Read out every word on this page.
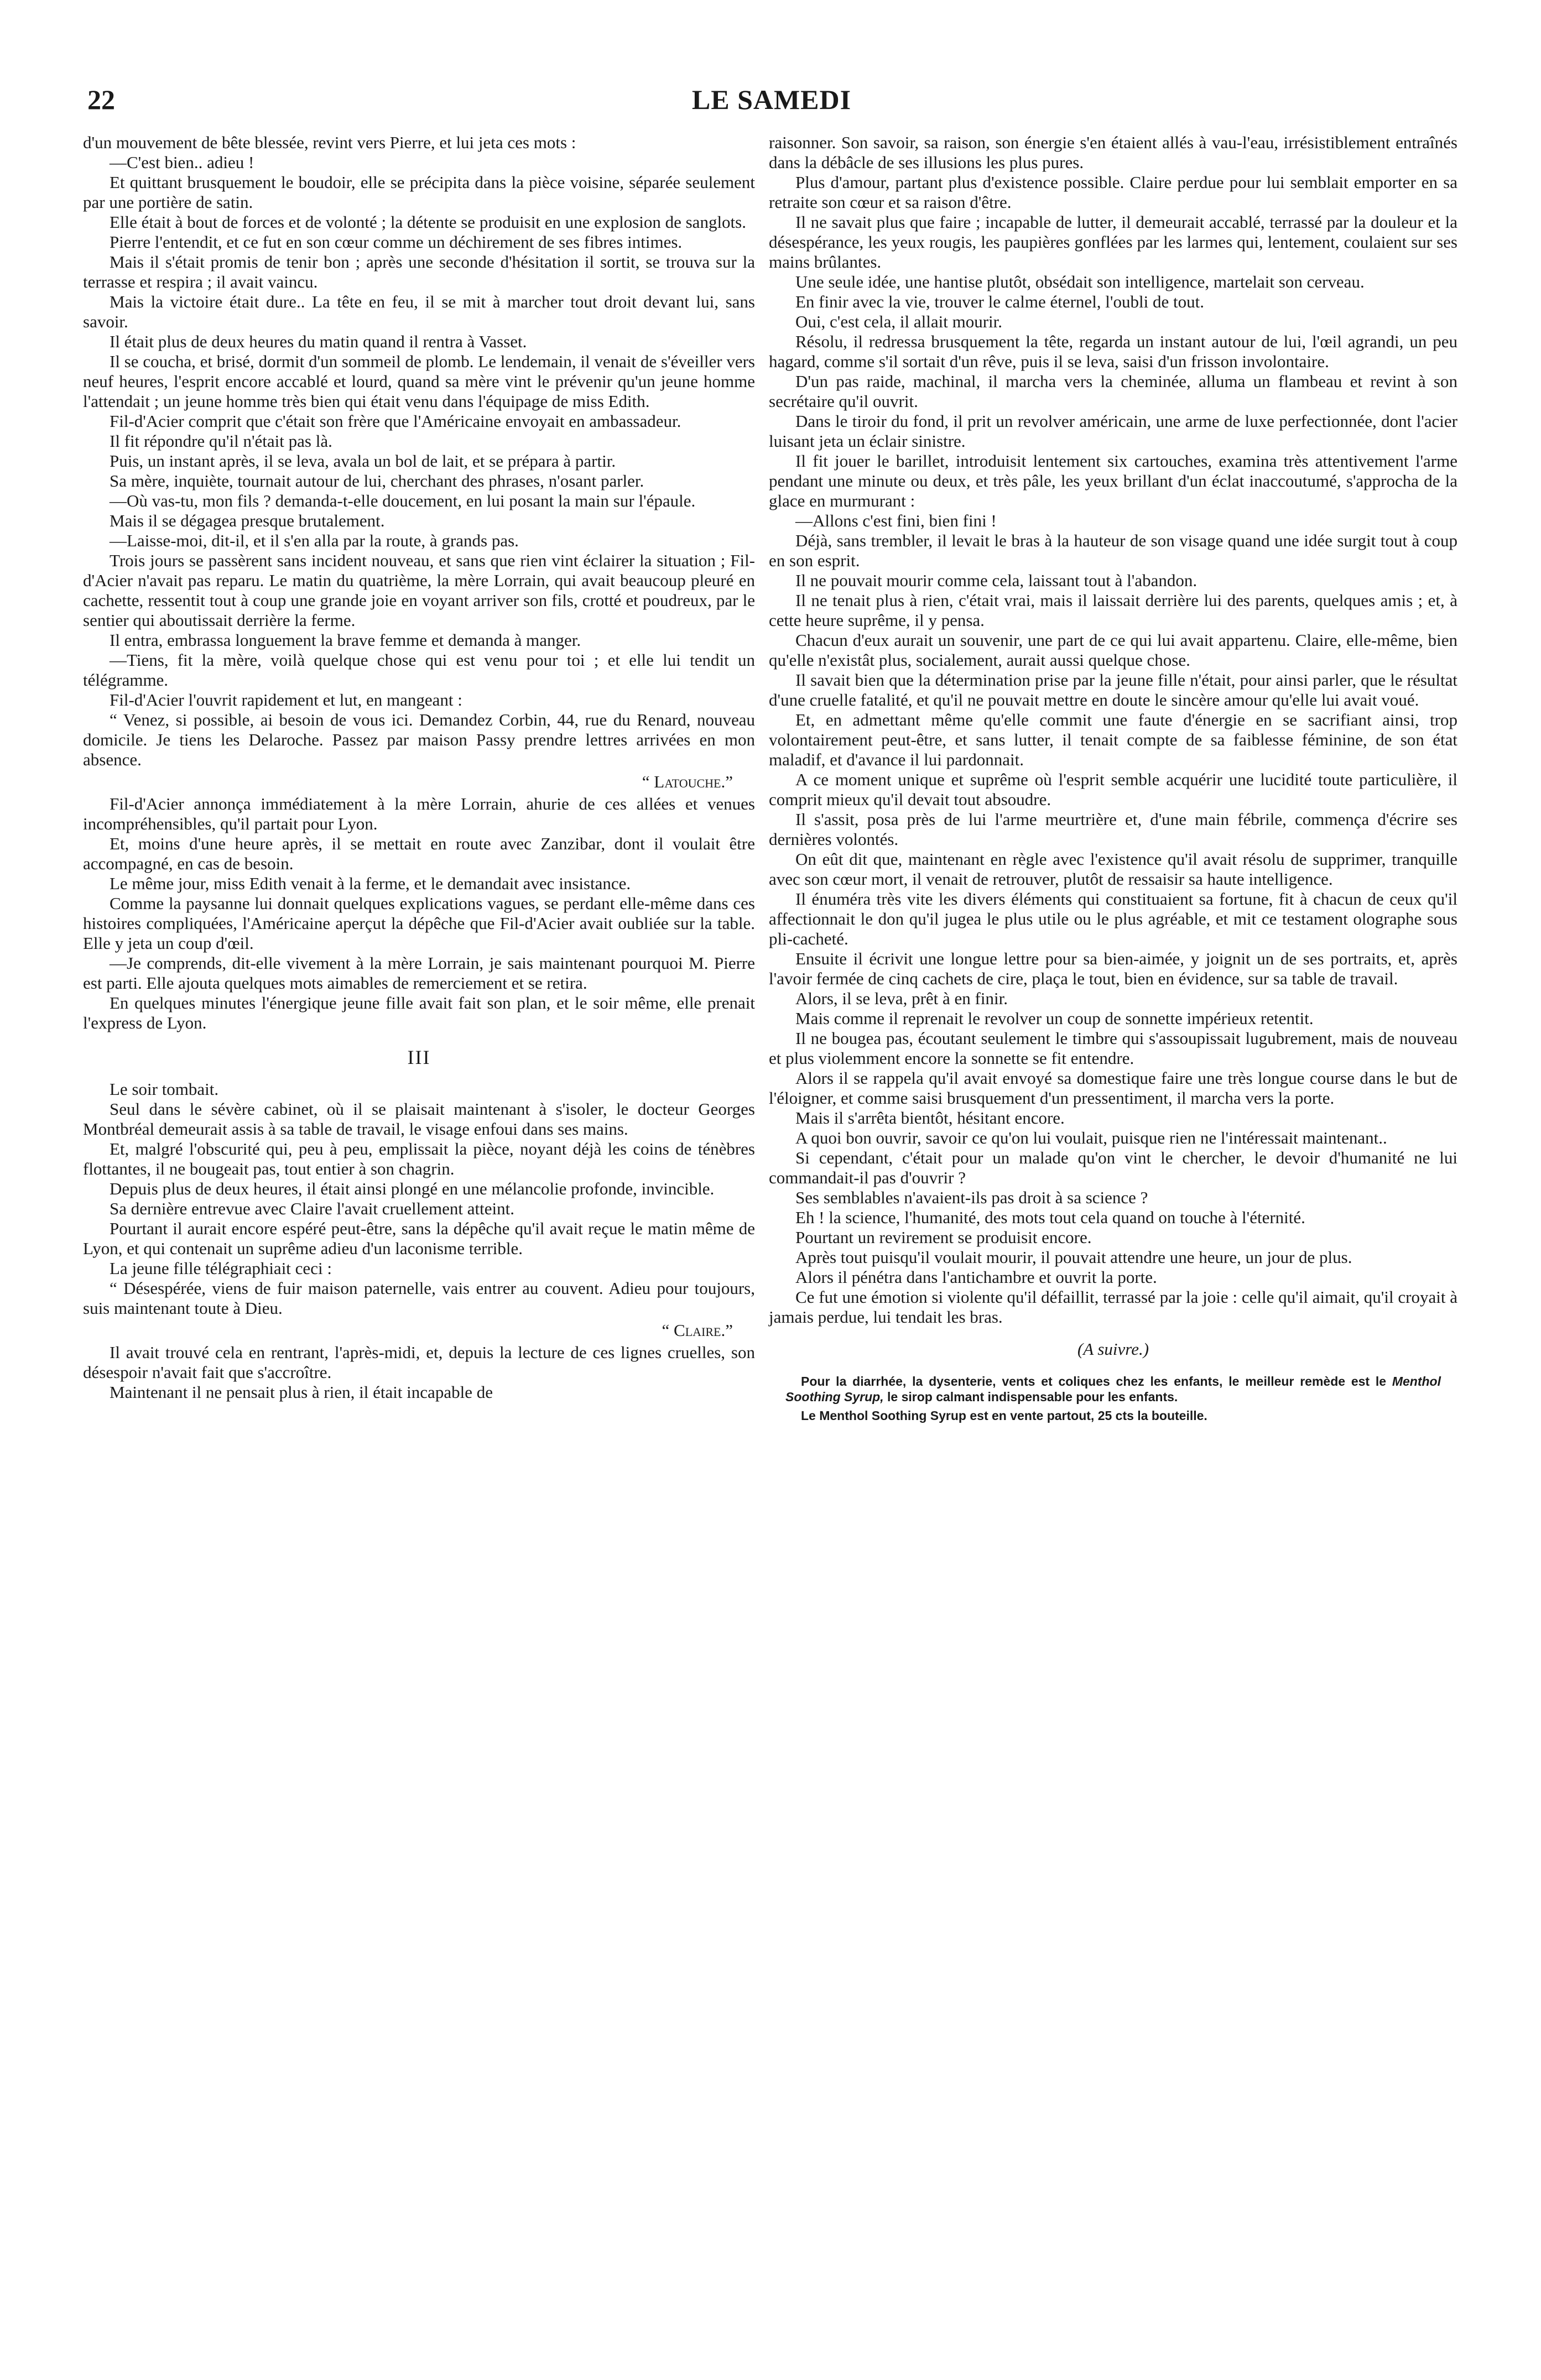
22	LE SAMEDI

d'un mouvement de bête blessée, revint vers Pierre, et lui jeta ces mots :

—C'est bien.. adieu !

Et quittant brusquement le boudoir, elle se précipita dans la pièce voisine, séparée seulement par une portière de satin.

Elle était à bout de forces et de volonté ; la détente se produisit en une explosion de sanglots.

Pierre l'entendit, et ce fut en son cœur comme un déchirement de ses fibres intimes.

Mais il s'était promis de tenir bon ; après une seconde d'hésitation il sortit, se trouva sur la terrasse et respira ; il avait vaincu.

Mais la victoire était dure.. La tête en feu, il se mit à marcher tout droit devant lui, sans savoir.

Il était plus de deux heures du matin quand il rentra à Vasset.

Il se coucha, et brisé, dormit d'un sommeil de plomb. Le lendemain, il venait de s'éveiller vers neuf heures, l'esprit encore accablé et lourd, quand sa mère vint le prévenir qu'un jeune homme l'attendait ; un jeune homme très bien qui était venu dans l'équipage de miss Edith.

Fil-d'Acier comprit que c'était son frère que l'Américaine envoyait en ambassadeur.

Il fit répondre qu'il n'était pas là.

Puis, un instant après, il se leva, avala un bol de lait, et se prépara à partir.

Sa mère, inquiète, tournait autour de lui, cherchant des phrases, n'osant parler.

—Où vas-tu, mon fils ? demanda-t-elle doucement, en lui posant la main sur l'épaule.

Mais il se dégagea presque brutalement.

—Laisse-moi, dit-il, et il s'en alla par la route, à grands pas.

Trois jours se passèrent sans incident nouveau, et sans que rien vint éclairer la situation ; Fil-d'Acier n'avait pas reparu. Le matin du quatrième, la mère Lorrain, qui avait beaucoup pleuré en cachette, ressentit tout à coup une grande joie en voyant arriver son fils, crotté et poudreux, par le sentier qui aboutissait derrière la ferme.

Il entra, embrassa longuement la brave femme et demanda à manger.

—Tiens, fit la mère, voilà quelque chose qui est venu pour toi ; et elle lui tendit un télégramme.

Fil-d'Acier l'ouvrit rapidement et lut, en mangeant :

“ Venez, si possible, ai besoin de vous ici. Demandez Corbin, 44, rue du Renard, nouveau domicile. Je tiens les Delaroche. Passez par maison Passy prendre lettres arrivées en mon absence.

“ Latouche.”

Fil-d'Acier annonça immédiatement à la mère Lorrain, ahurie de ces allées et venues incompréhensibles, qu'il partait pour Lyon.

Et, moins d'une heure après, il se mettait en route avec Zanzibar, dont il voulait être accompagné, en cas de besoin.

Le même jour, miss Edith venait à la ferme, et le demandait avec insistance.

Comme la paysanne lui donnait quelques explications vagues, se perdant elle-même dans ces histoires compliquées, l'Américaine aperçut la dépêche que Fil-d'Acier avait oubliée sur la table. Elle y jeta un coup d'œil.

—Je comprends, dit-elle vivement à la mère Lorrain, je sais maintenant pourquoi M. Pierre est parti. Elle ajouta quelques mots aimables de remerciement et se retira.

En quelques minutes l'énergique jeune fille avait fait son plan, et le soir même, elle prenait l'express de Lyon.

III

Le soir tombait.

Seul dans le sévère cabinet, où il se plaisait maintenant à s'isoler, le docteur Georges Montbréal demeurait assis à sa table de travail, le visage enfoui dans ses mains.

Et, malgré l'obscurité qui, peu à peu, emplissait la pièce, noyant déjà les coins de ténèbres flottantes, il ne bougeait pas, tout entier à son chagrin.

Depuis plus de deux heures, il était ainsi plongé en une mélancolie profonde, invincible.

Sa dernière entrevue avec Claire l'avait cruellement atteint.

Pourtant il aurait encore espéré peut-être, sans la dépêche qu'il avait reçue le matin même de Lyon, et qui contenait un suprême adieu d'un laconisme terrible.

La jeune fille télégraphiait ceci :

“ Désespérée, viens de fuir maison paternelle, vais entrer au couvent. Adieu pour toujours, suis maintenant toute à Dieu.

“ Claire.”

Il avait trouvé cela en rentrant, l'après-midi, et, depuis la lecture de ces lignes cruelles, son désespoir n'avait fait que s'accroître.

Maintenant il ne pensait plus à rien, il était incapable de

raisonner. Son savoir, sa raison, son énergie s'en étaient allés à vau-l'eau, irrésistiblement entraînés dans la débâcle de ses illusions les plus pures.

Plus d'amour, partant plus d'existence possible. Claire perdue pour lui semblait emporter en sa retraite son cœur et sa raison d'être.

Il ne savait plus que faire ; incapable de lutter, il demeurait accablé, terrassé par la douleur et la désespérance, les yeux rougis, les paupières gonflées par les larmes qui, lentement, coulaient sur ses mains brûlantes.

Une seule idée, une hantise plutôt, obsédait son intelligence, martelait son cerveau.

En finir avec la vie, trouver le calme éternel, l'oubli de tout.

Oui, c'est cela, il allait mourir.

Résolu, il redressa brusquement la tête, regarda un instant autour de lui, l'œil agrandi, un peu hagard, comme s'il sortait d'un rêve, puis il se leva, saisi d'un frisson involontaire.

D'un pas raide, machinal, il marcha vers la cheminée, alluma un flambeau et revint à son secrétaire qu'il ouvrit.

Dans le tiroir du fond, il prit un revolver américain, une arme de luxe perfectionnée, dont l'acier luisant jeta un éclair sinistre.

Il fit jouer le barillet, introduisit lentement six cartouches, examina très attentivement l'arme pendant une minute ou deux, et très pâle, les yeux brillant d'un éclat inaccoutumé, s'approcha de la glace en murmurant :

—Allons c'est fini, bien fini !

Déjà, sans trembler, il levait le bras à la hauteur de son visage quand une idée surgit tout à coup en son esprit.

Il ne pouvait mourir comme cela, laissant tout à l'abandon.

Il ne tenait plus à rien, c'était vrai, mais il laissait derrière lui des parents, quelques amis ; et, à cette heure suprême, il y pensa.

Chacun d'eux aurait un souvenir, une part de ce qui lui avait appartenu. Claire, elle-même, bien qu'elle n'existât plus, socialement, aurait aussi quelque chose.

Il savait bien que la détermination prise par la jeune fille n'était, pour ainsi parler, que le résultat d'une cruelle fatalité, et qu'il ne pouvait mettre en doute le sincère amour qu'elle lui avait voué.

Et, en admettant même qu'elle commit une faute d'énergie en se sacrifiant ainsi, trop volontairement peut-être, et sans lutter, il tenait compte de sa faiblesse féminine, de son état maladif, et d'avance il lui pardonnait.

A ce moment unique et suprême où l'esprit semble acquérir une lucidité toute particulière, il comprit mieux qu'il devait tout absoudre.

Il s'assit, posa près de lui l'arme meurtrière et, d'une main fébrile, commença d'écrire ses dernières volontés.

On eût dit que, maintenant en règle avec l'existence qu'il avait résolu de supprimer, tranquille avec son cœur mort, il venait de retrouver, plutôt de ressaisir sa haute intelligence.

Il énuméra très vite les divers éléments qui constituaient sa fortune, fit à chacun de ceux qu'il affectionnait le don qu'il jugea le plus utile ou le plus agréable, et mit ce testament olographe sous pli-cacheté.

Ensuite il écrivit une longue lettre pour sa bien-aimée, y joignit un de ses portraits, et, après l'avoir fermée de cinq cachets de cire, plaça le tout, bien en évidence, sur sa table de travail.

Alors, il se leva, prêt à en finir.

Mais comme il reprenait le revolver un coup de sonnette impérieux retentit.

Il ne bougea pas, écoutant seulement le timbre qui s'assoupissait lugubrement, mais de nouveau et plus violemment encore la sonnette se fit entendre.

Alors il se rappela qu'il avait envoyé sa domestique faire une très longue course dans le but de l'éloigner, et comme saisi brusquement d'un pressentiment, il marcha vers la porte.

Mais il s'arrêta bientôt, hésitant encore.

A quoi bon ouvrir, savoir ce qu'on lui voulait, puisque rien ne l'intéressait maintenant..

Si cependant, c'était pour un malade qu'on vint le chercher, le devoir d'humanité ne lui commandait-il pas d'ouvrir ?

Ses semblables n'avaient-ils pas droit à sa science ?

Eh ! la science, l'humanité, des mots tout cela quand on touche à l'éternité.

Pourtant un revirement se produisit encore.

Après tout puisqu'il voulait mourir, il pouvait attendre une heure, un jour de plus.

Alors il pénétra dans l'antichambre et ouvrit la porte.

Ce fut une émotion si violente qu'il défaillit, terrassé par la joie : celle qu'il aimait, qu'il croyait à jamais perdue, lui tendait les bras.

(A suivre.)

Pour la diarrhée, la dysenterie, vents et coliques chez les enfants, le meilleur remède est le Menthol Soothing Syrup, le sirop calmant indispensable pour les enfants.

Le Menthol Soothing Syrup est en vente partout, 25 cts la bouteille.
